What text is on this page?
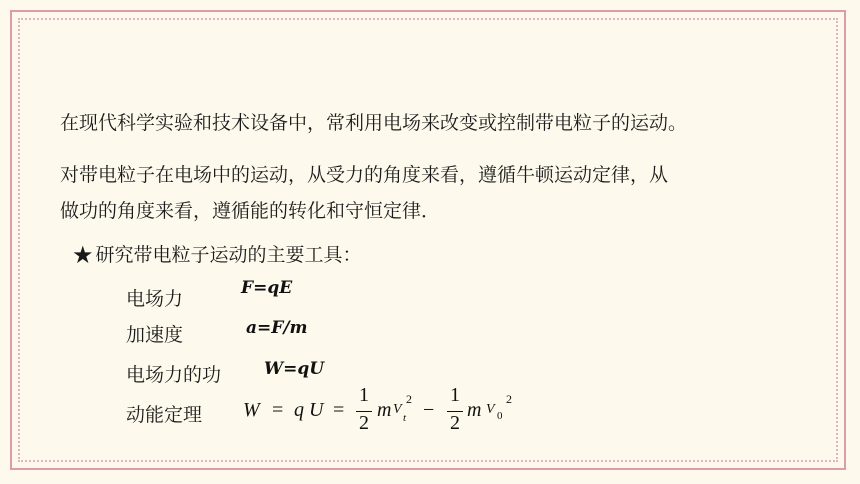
在现代科学实验和技术设备中，常利用电场来改变或控制带电粒子的运动。
对带电粒子在电场中的运动，从受力的角度来看，遵循牛顿运动定律，从
做功的角度来看，遵循能的转化和守恒定律．
★ 研究带电粒子运动的主要工具：
电场力	F=qE
加速度	a=F/m
电场力的功	W=qU
动能定理 W = q U =
1
2
m V
t
2 −
1
2
m V 0
2
